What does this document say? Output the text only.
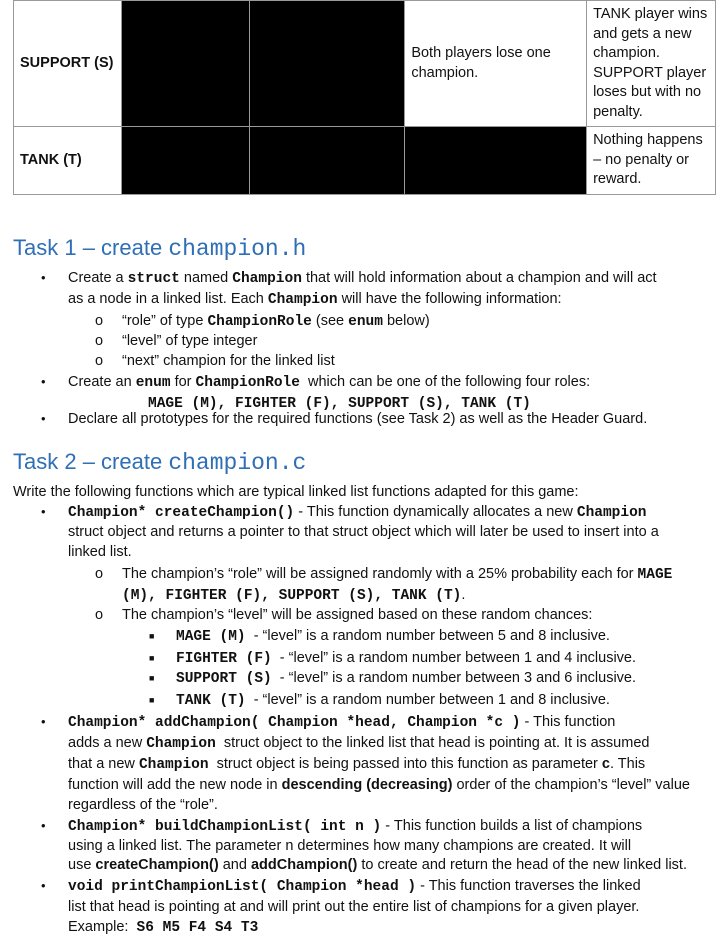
SUPPORT (S)			Both players lose one champion.	TANK player wins and gets a new champion. SUPPORT player loses but with no penalty.
TANK (T)				Nothing happens – no penalty or reward.
Task 1 – create champion.h
• Create a struct named Champion that will hold information about a champion and will act
as a node in a linked list. Each Champion will have the following information:
o “role” of type ChampionRole (see enum below)
o “level” of type integer
o “next” champion for the linked list
• Create an enum for ChampionRole which can be one of the following four roles:
MAGE (M), FIGHTER (F), SUPPORT (S), TANK (T)
• Declare all prototypes for the required functions (see Task 2) as well as the Header Guard.
Task 2 – create champion.c
Write the following functions which are typical linked list functions adapted for this game:
• Champion* createChampion() - This function dynamically allocates a new Champion
struct object and returns a pointer to that struct object which will later be used to insert into a
linked list.
o The champion’s “role” will be assigned randomly with a 25% probability each for MAGE
(M), FIGHTER (F), SUPPORT (S), TANK (T).
o The champion’s “level” will be assigned based on these random chances:
■ MAGE (M) - “level” is a random number between 5 and 8 inclusive.
■ FIGHTER (F) - “level” is a random number between 1 and 4 inclusive.
■ SUPPORT (S) - “level” is a random number between 3 and 6 inclusive.
■ TANK (T) - “level” is a random number between 1 and 8 inclusive.
• Champion* addChampion( Champion *head, Champion *c ) - This function
adds a new Champion struct object to the linked list that head is pointing at. It is assumed
that a new Champion struct object is being passed into this function as parameter c. This
function will add the new node in descending (decreasing) order of the champion’s “level” value
regardless of the “role”.
• Champion* buildChampionList( int n ) - This function builds a list of champions
using a linked list. The parameter n determines how many champions are created. It will
use createChampion() and addChampion() to create and return the head of the new linked list.
• void printChampionList( Champion *head ) - This function traverses the linked
list that head is pointing at and will print out the entire list of champions for a given player.
Example: S6 M5 F4 S4 T3
